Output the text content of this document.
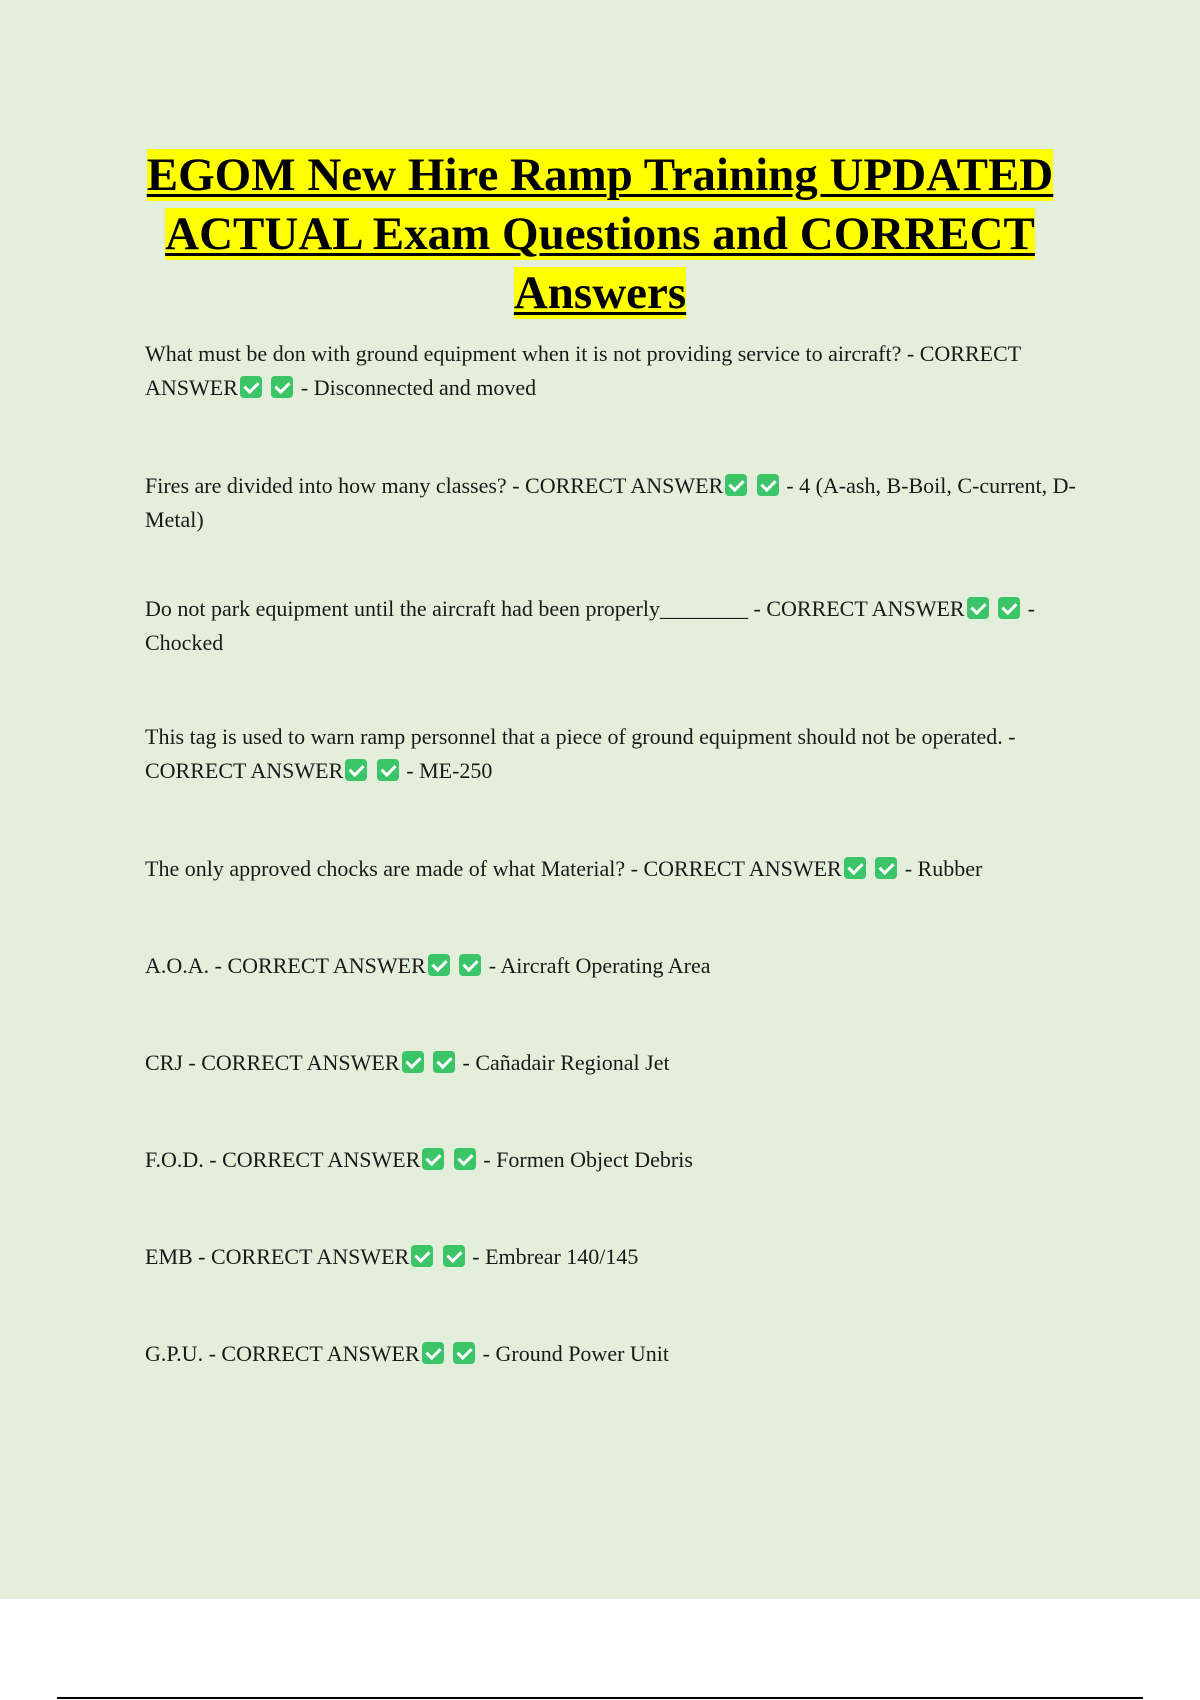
EGOM New Hire Ramp Training UPDATED ACTUAL Exam Questions and CORRECT Answers

What must be don with ground equipment when it is not providing service to aircraft? - CORRECT ANSWER	- Disconnected and moved

Fires are divided into how many classes? - CORRECT ANSWER	- 4 (A-ash, B-Boil, C-current, D-Metal)

Do not park equipment until the aircraft had been properly________ - CORRECT ANSWER	- Chocked

This tag is used to warn ramp personnel that a piece of ground equipment should not be operated. - CORRECT ANSWER	- ME-250

The only approved chocks are made of what Material? - CORRECT ANSWER	- Rubber

A.O.A. - CORRECT ANSWER	- Aircraft Operating Area

CRJ - CORRECT ANSWER	- Cañadair Regional Jet

F.O.D. - CORRECT ANSWER	- Formen Object Debris

EMB - CORRECT ANSWER	- Embrear 140/145

G.P.U. - CORRECT ANSWER	- Ground Power Unit
